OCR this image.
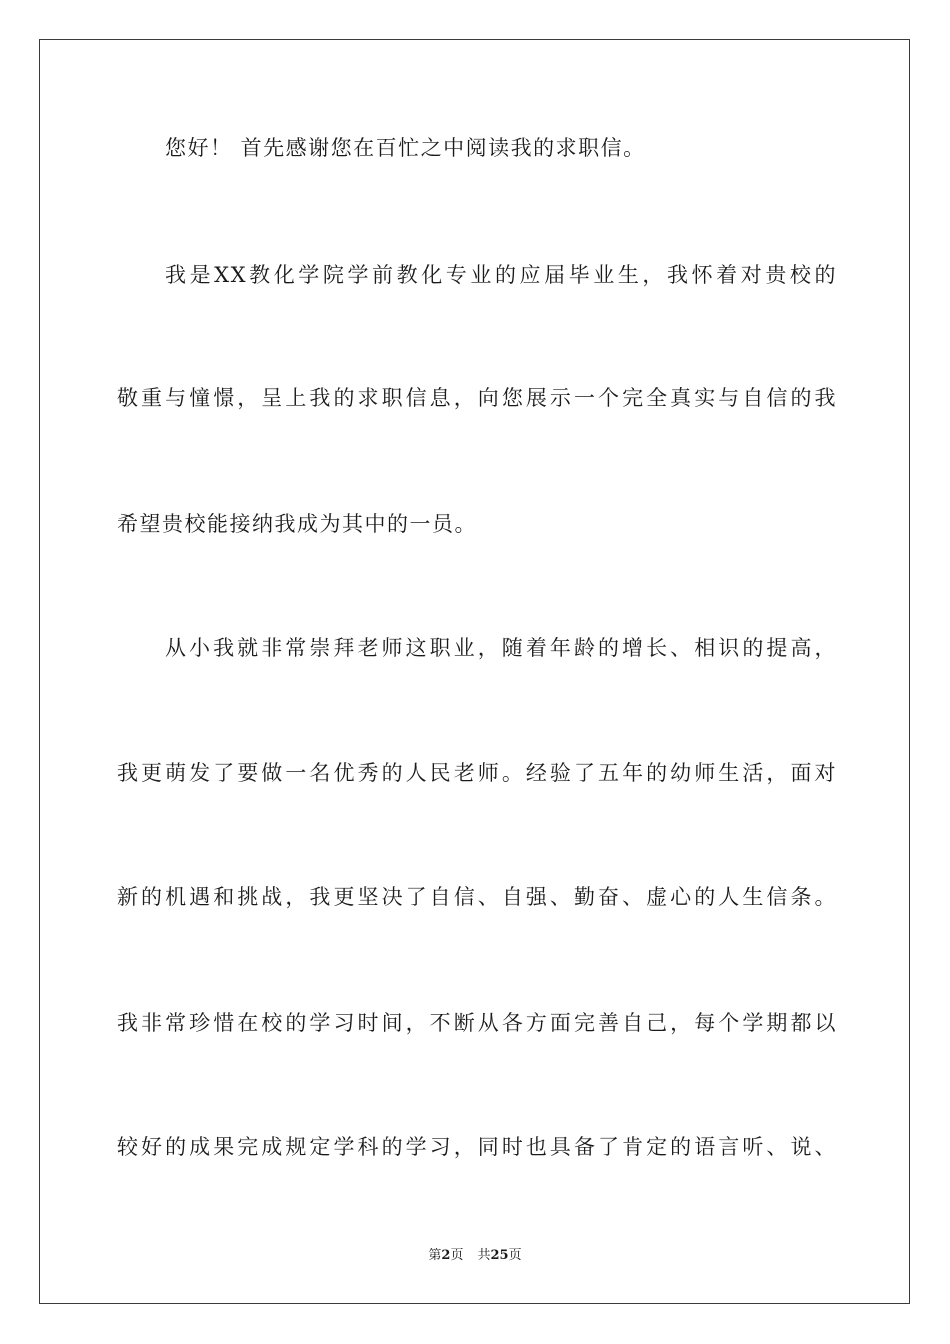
您好！ 首先感谢您在百忙之中阅读我的求职信。
我是XX教化学院学前教化专业的应届毕业生，我怀着对贵校的
敬重与憧憬，呈上我的求职信息，向您展示一个完全真实与自信的我
希望贵校能接纳我成为其中的一员。
从小我就非常崇拜老师这职业，随着年龄的增长、相识的提高，
我更萌发了要做一名优秀的人民老师。经验了五年的幼师生活，面对
新的机遇和挑战，我更坚决了自信、自强、勤奋、虚心的人生信条。
我非常珍惜在校的学习时间，不断从各方面完善自己，每个学期都以
较好的成果完成规定学科的学习，同时也具备了肯定的语言听、说、
第2页 共25页
